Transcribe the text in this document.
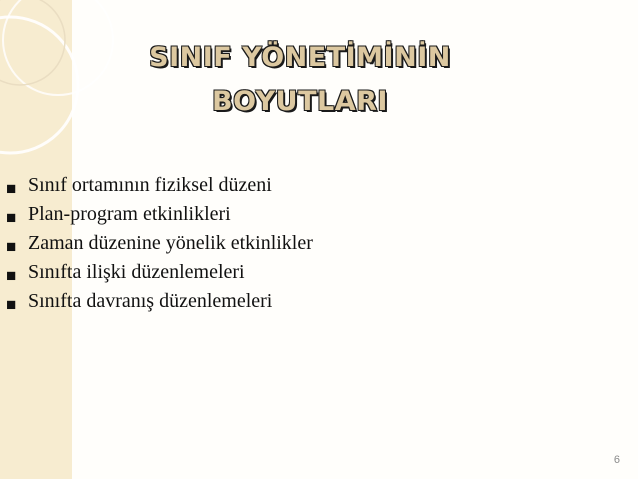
SINIF YÖNETİMİNİN
BOYUTLARI
■ Sınıf ortamının fiziksel düzeni
■ Plan-program etkinlikleri
■ Zaman düzenine yönelik etkinlikler
■ Sınıfta ilişki düzenlemeleri
■ Sınıfta davranış düzenlemeleri
6
